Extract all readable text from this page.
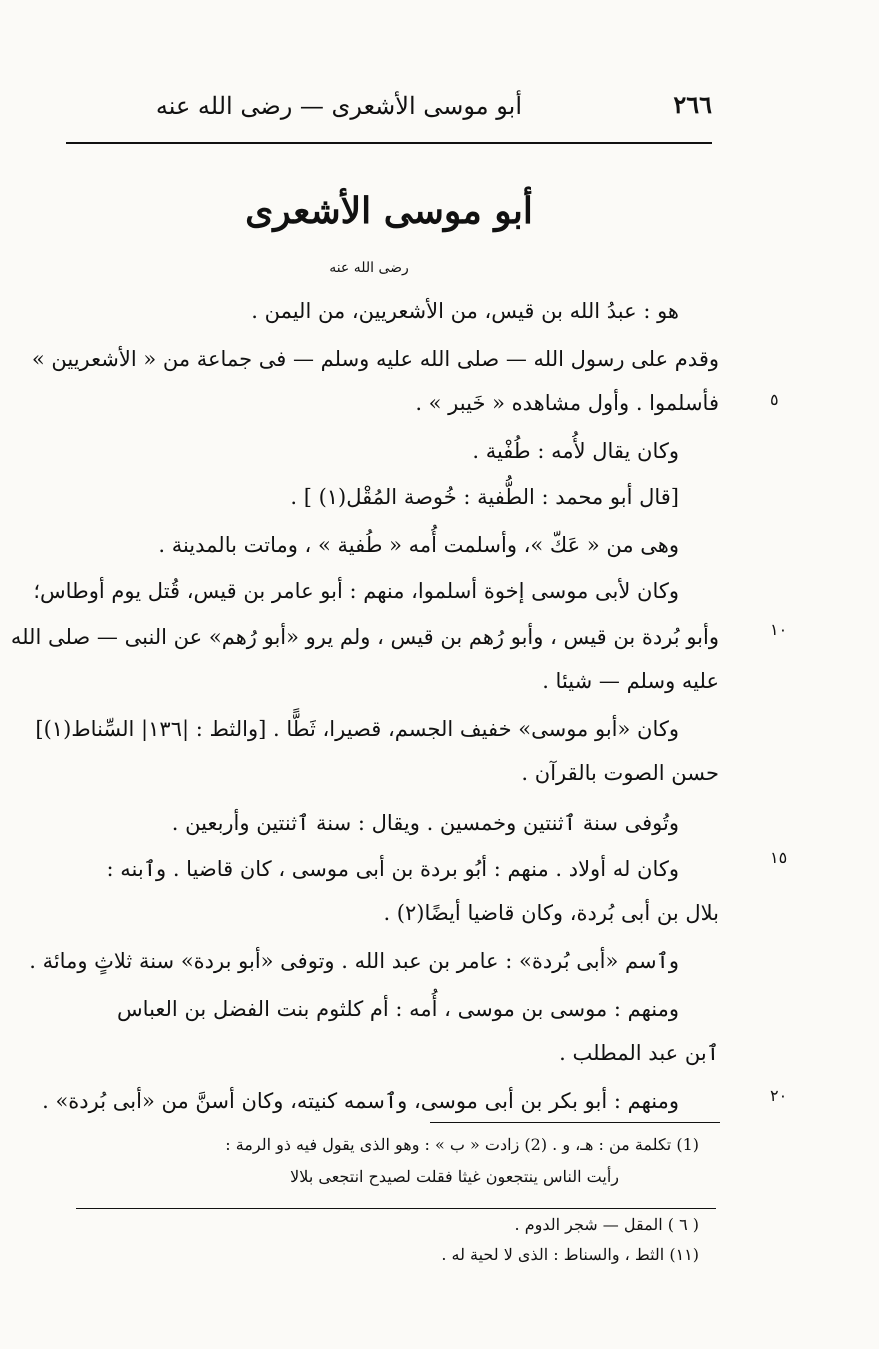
٢٦٦
أبو موسى الأشعرى — رضى الله عنه
أبو موسى الأشعرى
رضى الله عنه
هو : عبدُ الله بن قيس، من الأشعريين، من اليمن .
وقدم على رسول الله — صلى الله عليه وسلم — فى جماعة من « الأشعريين »
فأسلموا . وأول مشاهده « خَيبر » .
وكان يقال لأُمه : طُفْية .
[قال أبو محمد : الطُّفية : خُوصة المُقْل(١) ] .
وهى من « عَكّ »، وأسلمت أُمه « طُفية » ، وماتت بالمدينة .
وكان لأبى موسى إخوة أسلموا، منهم : أبو عامر بن قيس، قُتل يوم أوطاس؛
وأبو بُردة بن قيس ، وأبو رُهم بن قيس ، ولم يرو «أبو رُهم» عن النبى — صلى الله
عليه وسلم — شيئا .
وكان «أبو موسى» خفيف الجسم، قصيرا، ثَطًّا . [والثط : |١٣٦| السِّناط(١)]
حسن الصوت بالقرآن .
وتُوفى سنة ٱثنتين وخمسين . ويقال : سنة ٱثنتين وأربعين .
وكان له أولاد . منهم : أبُو بردة بن أبى موسى ، كان قاضيا . وٱبنه :
بلال بن أبى بُردة، وكان قاضيا أيضًا(٢) .
وٱسم «أبى بُردة» : عامر بن عبد الله . وتوفى «أبو بردة» سنة ثلاثٍ ومائة .
ومنهم : موسى بن موسى ، أُمه : أم كلثوم بنت الفضل بن العباس
ٱبن عبد المطلب .
ومنهم : أبو بكر بن أبى موسى، وٱسمه كنيته، وكان أسنَّ من «أبى بُردة» .
٥
١٠
١٥
٢٠
(1) تكلمة من : هـ، و . (2) زادت « ب » : وهو الذى يقول فيه ذو الرمة :
رأيت الناس ينتجعون غيثا فقلت لصيدح انتجعى بلالا
( ٦ ) المقل — شجر الدوم .
(١١) الثط ، والسناط : الذى لا لحية له .
